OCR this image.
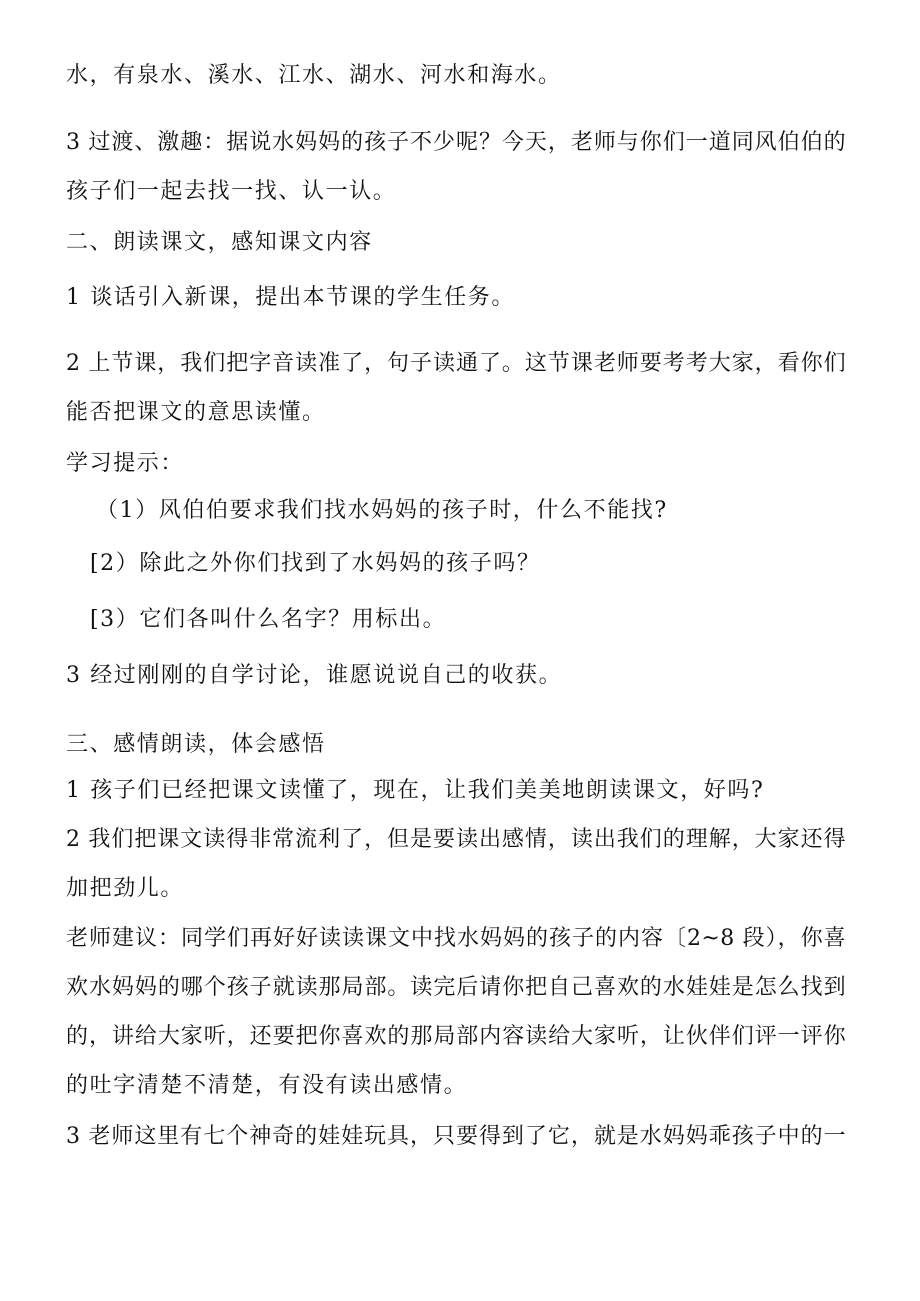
水，有泉水、溪水、江水、湖水、河水和海水。
3 过渡、激趣：据说水妈妈的孩子不少呢？今天，老师与你们一道同风伯伯的
孩子们一起去找一找、认一认。
二、朗读课文，感知课文内容
1 谈话引入新课，提出本节课的学生任务。
2 上节课，我们把字音读准了，句子读通了。这节课老师要考考大家，看你们
能否把课文的意思读懂。
学习提示：
（1）风伯伯要求我们找水妈妈的孩子时，什么不能找?
[2）除此之外你们找到了水妈妈的孩子吗？
[3）它们各叫什么名字？用标出。
3 经过刚刚的自学讨论，谁愿说说自己的收获。
三、感情朗读，体会感悟
1 孩子们已经把课文读懂了，现在，让我们美美地朗读课文，好吗?
2 我们把课文读得非常流利了，但是要读出感情，读出我们的理解，大家还得
加把劲儿。
老师建议：同学们再好好读读课文中找水妈妈的孩子的内容〔2~8 段），你喜
欢水妈妈的哪个孩子就读那局部。读完后请你把自己喜欢的水娃娃是怎么找到
的，讲给大家听，还要把你喜欢的那局部内容读给大家听，让伙伴们评一评你
的吐字清楚不清楚，有没有读出感情。
3 老师这里有七个神奇的娃娃玩具，只要得到了它，就是水妈妈乖孩子中的一
